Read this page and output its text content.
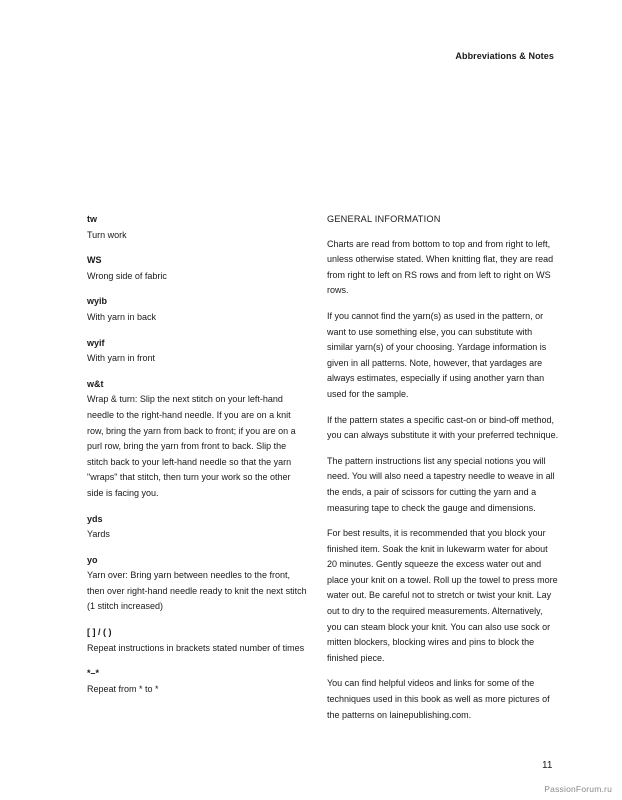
Abbreviations & Notes
tw
Turn work
WS
Wrong side of fabric
wyib
With yarn in back
wyif
With yarn in front
w&t
Wrap & turn: Slip the next stitch on your left-hand needle to the right-hand needle. If you are on a knit row, bring the yarn from back to front; if you are on a purl row, bring the yarn from front to back. Slip the stitch back to your left-hand needle so that the yarn "wraps" that stitch, then turn your work so the other side is facing you.
yds
Yards
yo
Yarn over: Bring yarn between needles to the front, then over right-hand needle ready to knit the next stitch (1 stitch increased)
[ ] / ( )
Repeat instructions in brackets stated number of times
*–*
Repeat from * to *
GENERAL INFORMATION

Charts are read from bottom to top and from right to left, unless otherwise stated. When knitting flat, they are read from right to left on RS rows and from left to right on WS rows.

If you cannot find the yarn(s) as used in the pattern, or want to use something else, you can substitute with similar yarn(s) of your choosing. Yardage information is given in all patterns. Note, however, that yardages are always estimates, especially if using another yarn than used for the sample.

If the pattern states a specific cast-on or bind-off method, you can always substitute it with your preferred technique.

The pattern instructions list any special notions you will need. You will also need a tapestry needle to weave in all the ends, a pair of scissors for cutting the yarn and a measuring tape to check the gauge and dimensions.

For best results, it is recommended that you block your finished item. Soak the knit in lukewarm water for about 20 minutes. Gently squeeze the excess water out and place your knit on a towel. Roll up the towel to press more water out. Be careful not to stretch or twist your knit. Lay out to dry to the required measurements. Alternatively, you can steam block your knit. You can also use sock or mitten blockers, blocking wires and pins to block the finished piece.

You can find helpful videos and links for some of the techniques used in this book as well as more pictures of the patterns on lainepublishing.com.

11
PassionForum.ru
